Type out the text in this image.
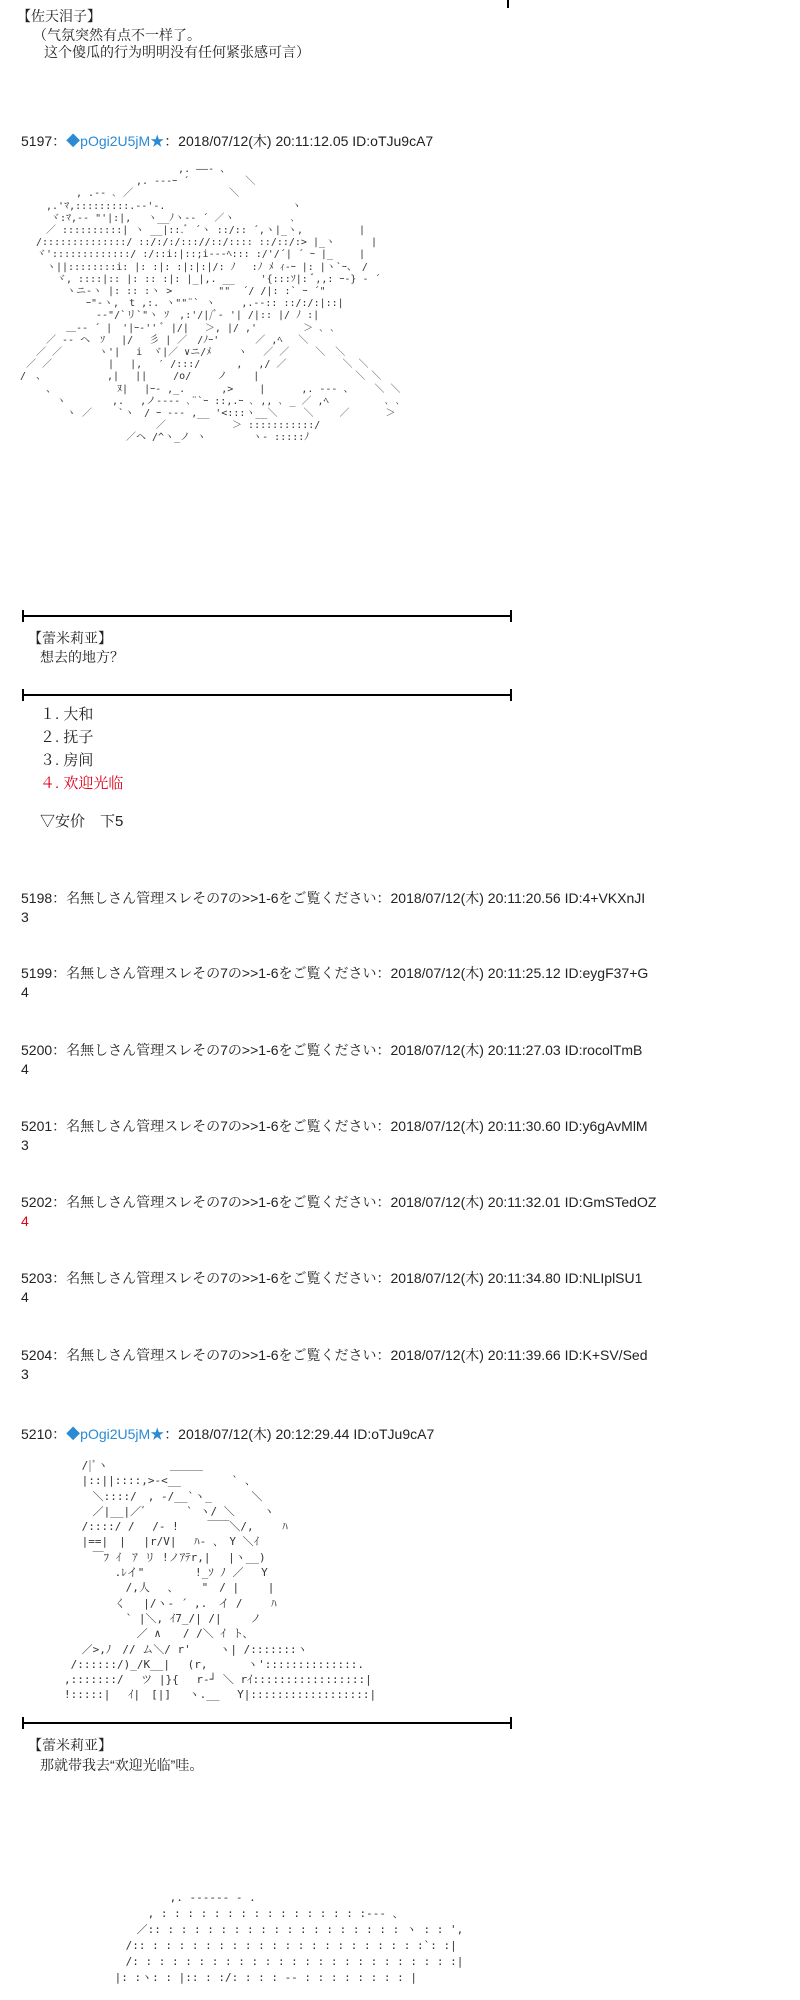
【佐天泪子】
（气氛突然有点不一样了。
这个傻瓜的行为明明没有任何紧张感可言）
5197：◆pOgi2U5jM★：2018/07/12(木) 20:11:12.05 ID:oTJu9cA7
　　　　　　　　　　　　　 　 ,. ——- 、
　　　　　　　　　　　 ,. ‐‐‐ｰ ´　　　　　 ＼
　　　　　 , .-‐ ､ ／　　　　　　　　　 ＼
　　 ,.'ﾏ,:::::::::.-‐'-.　　　　　　　　　　　　 ヽ
　　　ヾ:ﾏ,-‐ "'|:|,　 ヽ__ﾉヽ-‐ ´ ／ヽ　　　　　 ､
　　 ／ ::::::::::| ヽ __|::.ﾞ ´ヽ ::/:: ´,ヽ|_ヽ,　　　　　 |
　 /::::::::::::::/ ::/:/:/::://::/:::: ::/::/:> |_ヽ　　　 |
　 ヾ':::::::::::::/ :/::i:|::;i-‐‐ﾍ::: :/'/´| ´ ｰ |_　　 |
　　 ヽ||::::::::i: |: :|: :|:|:|/: ﾉ　 :ﾉ ﾒ ｨ‐ｰ |: |ヽ`ｰ、　/
　　　 ヾ, ::::|:: |: :: :|: |_|,. __　　 '{:::ｿ|: ﾞ,,: ｰ-} - ´
　　　　 ヽニ-ヽ |: :: :ヽ >　　　　 ""  ´/ /|: :` ｰ ´"
　　　　　　 ｰ"-ヽ,　t ,:. ヽ""¨` ヽ　　 ,.-‐:: ::/:/:|::|
　　　　　　　 -‐"/`リ`"ヽ ｿ　,:'/|/ﾞ‐ '| /|:: |/ ﾉ :|
　　　　 ＿-‐ ´ |　'|ｰ‐'' ﾞ |/|　 ＞, |/ ,'　　　　 ＞ ､ ､
　　 ／ -‐ ヘ　ｿ　 |/　 彡 | ／　/ﾉｰ'　　　 ／ ,ﾍ　 ＼
　 ／ ／　　　 ヽ'|　 i　ヾ|／ ∨ニ/ﾒ　　 ヽ　 ／ ／　　 ＼　＼
／ ／　　　　　 |　 |,　 ′ /:::/　　　 ,　 ,/ ／　　　　　 ＼ ＼
/　、　　　　　　 ,|　 ||　　 /o/　　 ノ　　 |　　　　　　　　　 ＼ ＼
　　 、　　　　　　 ﾇ|　 |ｰ- ,_.　　　 ,>　　 |　　　 ,. --- 、　　 ＼ ＼
　　　 ヽ　　　　 ,.　 ,ノ-‐‐- ､¨`ｰ ::,.ｰ ､ ,, ､ _ ／ ,ﾍ　　　　　 ､ ､
　　　　 ヽ ／　　 `ヽ　/ ｰ ‐‐‐ ,__ '<:::ヽ__＼　　 ＼　　 ／　　　 ＞
　　　　　　　　　　　　　 ／　　　　　　 ＞ :::::::::::/
　　　　　　　　　　 ／ヘ /^ヽ_ノ ヽ　　　　 ヽ‐ :::::ﾉ
【蕾米莉亚】
想去的地方？
１. 大和
２. 抚子
３. 房间
４. 欢迎光临
▽安价　下5
5198：名無しさん管理スレその7の>>1-6をご覧ください：2018/07/12(木) 20:11:20.56 ID:4+VKXnJI
3
5199：名無しさん管理スレその7の>>1-6をご覧ください：2018/07/12(木) 20:11:25.12 ID:eygF37+G
4
5200：名無しさん管理スレその7の>>1-6をご覧ください：2018/07/12(木) 20:11:27.03 ID:rocolTmB
4
5201：名無しさん管理スレその7の>>1-6をご覧ください：2018/07/12(木) 20:11:30.60 ID:y6gAvMlM
3
5202：名無しさん管理スレその7の>>1-6をご覧ください：2018/07/12(木) 20:11:32.01 ID:GmSTedOZ
4
5203：名無しさん管理スレその7の>>1-6をご覧ください：2018/07/12(木) 20:11:34.80 ID:NLIplSU1
4
5204：名無しさん管理スレその7の>>1-6をご覧ください：2018/07/12(木) 20:11:39.66 ID:K+SV/Sed
3
5210：◆pOgi2U5jM★：2018/07/12(木) 20:12:29.44 ID:oTJu9cA7
　　　 /|ﾞヽ　　　　　 ＿＿＿
　　　 |::||::::,>‐<__　　　　 ` 、
　　　　 ＼::::/　, -/__`ヽ_　　　 ＼
　　　　 ／|__|／ﾞ　　　 ` ヽ/ ＼　　 ヽ
　　　 /::::/ /　 /‐ !　　 ￣￣＼/,　　 ﾊ
　　　 |==|　|　 |r/V|　 ﾊ‐ 、　Y ＼ｲ
　　　　 ￣ﾌ ｲ　ｱ リ !ノｱﾃr,|　 |ヽ__)
　　　　　　 .ﾚイ"　　　　 !_ｿ ﾉ ／　 Y
　　　　　　　 /,人　 、　　 "　/ |　　 |
　　　　　　 く　 |/ヽ‐ ´ ,.　イ /　　 ﾊ
　　　　　　　 ` |＼, ｲ7_/| /|　　 ノ
　　　　　　　　 ／ ∧　　/ /＼ ｲ ト、
　　　 ／>,ﾉ　// ム＼/ r'　　 ヽ| /:::::::ヽ
　　 /::::::/)_/K__|　 (r,　　　 ヽ'::::::::::::::.
　　,:::::::/　 ツ |}{　 r‐┘ ＼ rｲ:::::::::::::::::|
　　!:::::|　 ｲ|　[|]　 ヽ.__　 Y|::::::::::::::::::|
【蕾米莉亚】
那就带我去“欢迎光临”哇。
　　　　　　　　　　　　　 ,. --‐‐‐‐ - .
　　　　　　　　　　　 , : : : : : : : : : : : : : : : :‐‐‐ 、
　　　　　　　　　　 ／:: : : : : : : : : : : : : : : : : : : ヽ : : ',
　　　　　　　　　 /:: : : : : : : : : : : : : : : : : : : : : :`: :|
　　　　　　　　　 /: : : : : : : : : : : : : : : : : : : : : : : : :|
　　　　　　　　 |: :ヽ: : |:: : :/: : : : ‐‐ : : : : : : : : |
